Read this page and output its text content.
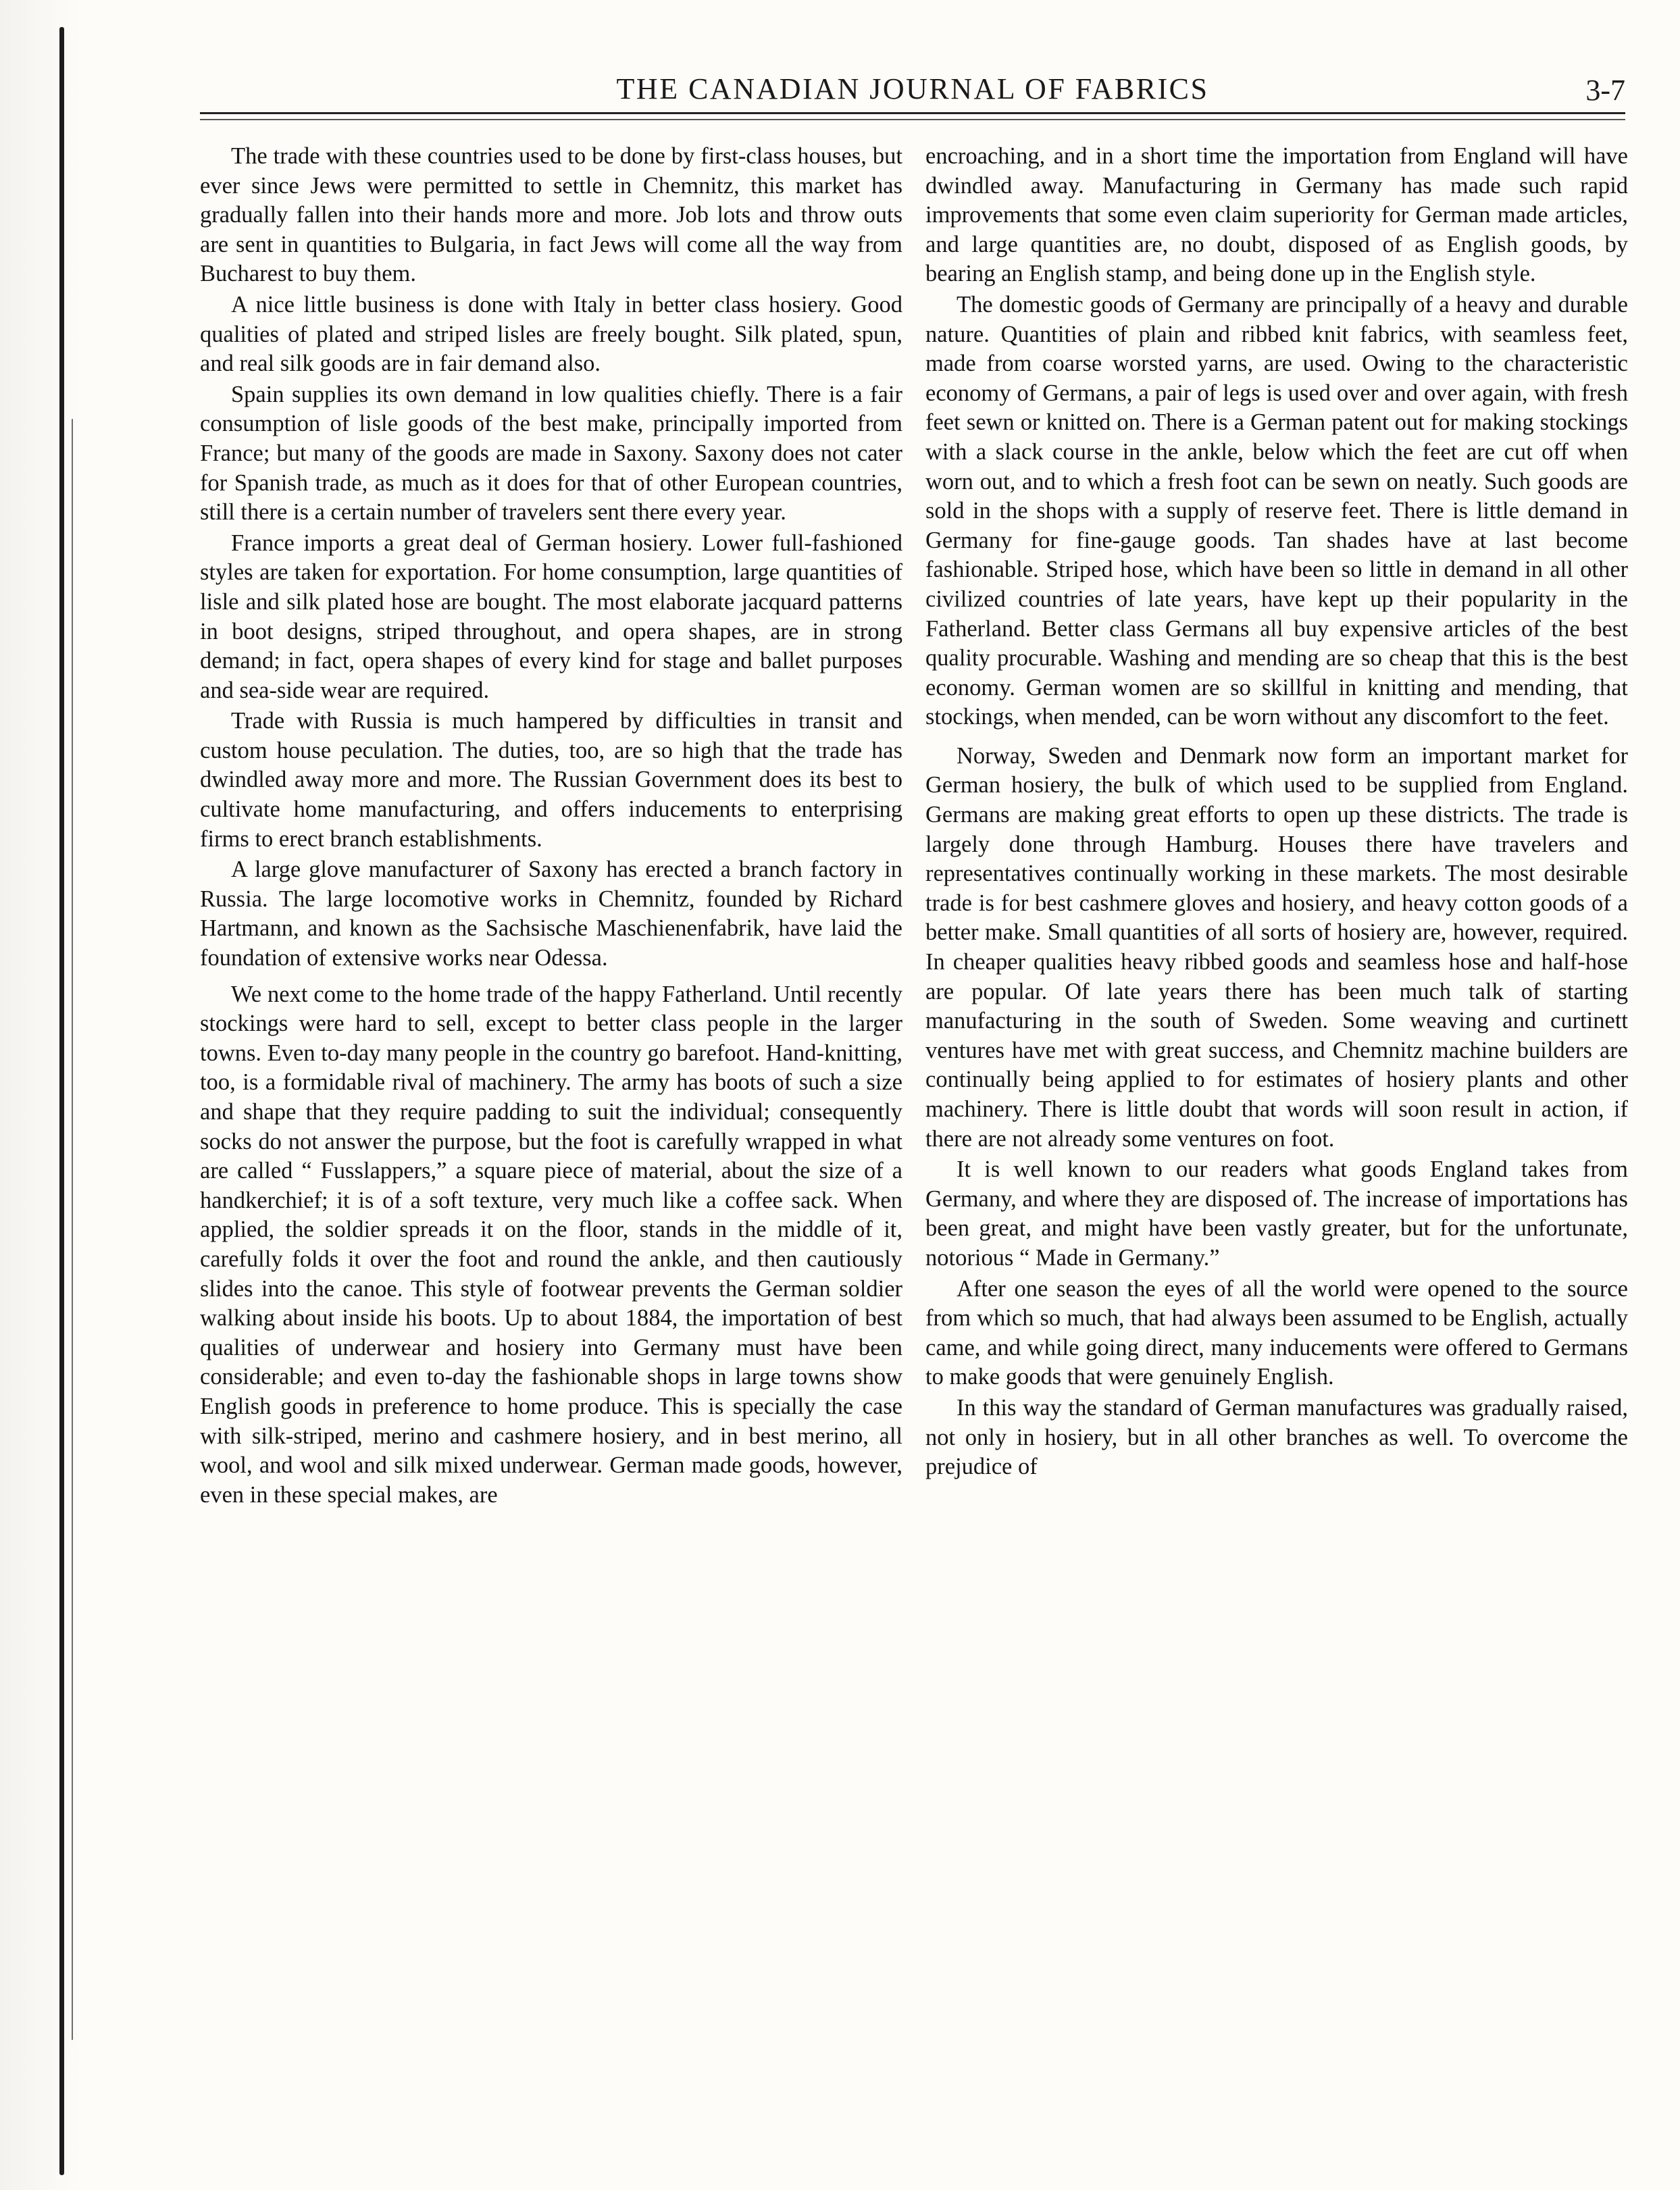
THE CANADIAN JOURNAL OF FABRICS	3-7

The trade with these countries used to be done by first-class houses, but ever since Jews were permitted to settle in Chemnitz, this market has gradually fallen into their hands more and more. Job lots and throw outs are sent in quantities to Bulgaria, in fact Jews will come all the way from Bucharest to buy them.

A nice little business is done with Italy in better class hosiery. Good qualities of plated and striped lisles are freely bought. Silk plated, spun, and real silk goods are in fair demand also.

Spain supplies its own demand in low qualities chiefly. There is a fair consumption of lisle goods of the best make, principally imported from France; but many of the goods are made in Saxony. Saxony does not cater for Spanish trade, as much as it does for that of other European countries, still there is a certain number of travelers sent there every year.

France imports a great deal of German hosiery. Lower full-fashioned styles are taken for exportation. For home consumption, large quantities of lisle and silk plated hose are bought. The most elaborate jacquard patterns in boot designs, striped throughout, and opera shapes, are in strong demand; in fact, opera shapes of every kind for stage and ballet purposes and sea-side wear are required.

Trade with Russia is much hampered by difficulties in transit and custom house peculation. The duties, too, are so high that the trade has dwindled away more and more. The Russian Government does its best to cultivate home manufacturing, and offers inducements to enterprising firms to erect branch establishments.

A large glove manufacturer of Saxony has erected a branch factory in Russia. The large locomotive works in Chemnitz, founded by Richard Hartmann, and known as the Sachsische Maschienenfabrik, have laid the foundation of extensive works near Odessa.

We next come to the home trade of the happy Fatherland. Until recently stockings were hard to sell, except to better class people in the larger towns. Even to-day many people in the country go barefoot. Hand-knitting, too, is a formidable rival of machinery. The army has boots of such a size and shape that they require padding to suit the individual; consequently socks do not answer the purpose, but the foot is carefully wrapped in what are called “ Fusslappers,” a square piece of material, about the size of a handkerchief; it is of a soft texture, very much like a coffee sack. When applied, the soldier spreads it on the floor, stands in the middle of it, carefully folds it over the foot and round the ankle, and then cautiously slides into the canoe. This style of footwear prevents the German soldier walking about inside his boots. Up to about 1884, the importation of best qualities of underwear and hosiery into Germany must have been considerable; and even to-day the fashionable shops in large towns show English goods in preference to home produce. This is specially the case with silk-striped, merino and cashmere hosiery, and in best merino, all wool, and wool and silk mixed underwear. German made goods, however, even in these special makes, are

encroaching, and in a short time the importation from England will have dwindled away. Manufacturing in Germany has made such rapid improvements that some even claim superiority for German made articles, and large quantities are, no doubt, disposed of as English goods, by bearing an English stamp, and being done up in the English style.

The domestic goods of Germany are principally of a heavy and durable nature. Quantities of plain and ribbed knit fabrics, with seamless feet, made from coarse worsted yarns, are used. Owing to the characteristic economy of Germans, a pair of legs is used over and over again, with fresh feet sewn or knitted on. There is a German patent out for making stockings with a slack course in the ankle, below which the feet are cut off when worn out, and to which a fresh foot can be sewn on neatly. Such goods are sold in the shops with a supply of reserve feet. There is little demand in Germany for fine-gauge goods. Tan shades have at last become fashionable. Striped hose, which have been so little in demand in all other civilized countries of late years, have kept up their popularity in the Fatherland. Better class Germans all buy expensive articles of the best quality procurable. Washing and mending are so cheap that this is the best economy. German women are so skillful in knitting and mending, that stockings, when mended, can be worn without any discomfort to the feet.

Norway, Sweden and Denmark now form an important market for German hosiery, the bulk of which used to be supplied from England. Germans are making great efforts to open up these districts. The trade is largely done through Hamburg. Houses there have travelers and representatives continually working in these markets. The most desirable trade is for best cashmere gloves and hosiery, and heavy cotton goods of a better make. Small quantities of all sorts of hosiery are, however, required. In cheaper qualities heavy ribbed goods and seamless hose and half-hose are popular. Of late years there has been much talk of starting manufacturing in the south of Sweden. Some weaving and curtinett ventures have met with great success, and Chemnitz machine builders are continually being applied to for estimates of hosiery plants and other machinery. There is little doubt that words will soon result in action, if there are not already some ventures on foot.

It is well known to our readers what goods England takes from Germany, and where they are disposed of. The increase of importations has been great, and might have been vastly greater, but for the unfortunate, notorious “ Made in Germany.”

After one season the eyes of all the world were opened to the source from which so much, that had always been assumed to be English, actually came, and while going direct, many inducements were offered to Germans to make goods that were genuinely English.

In this way the standard of German manufactures was gradually raised, not only in hosiery, but in all other branches as well. To overcome the prejudice of
